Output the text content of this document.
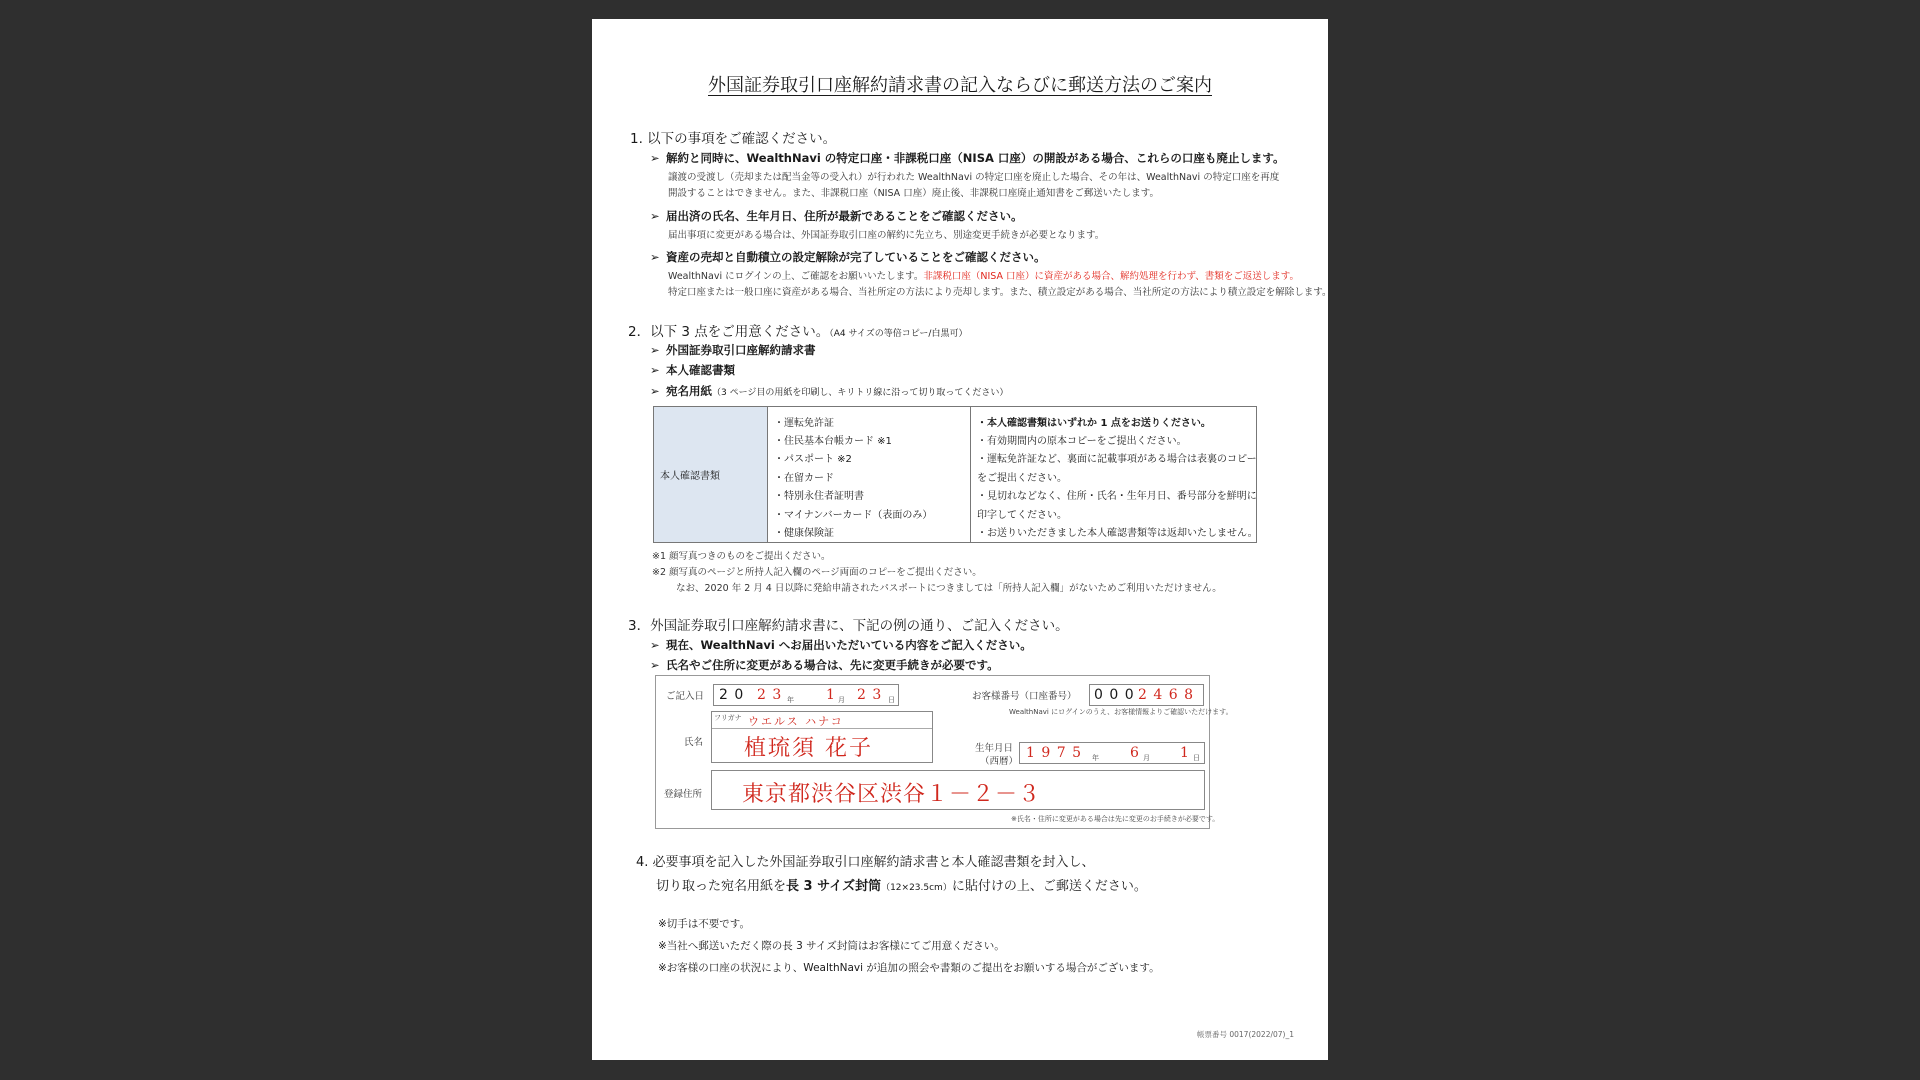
外国証券取引口座解約請求書の記入ならびに郵送方法のご案内
1. 以下の事項をご確認ください。
➢ 解約と同時に、WealthNavi の特定口座・非課税口座（NISA 口座）の開設がある場合、これらの口座も廃止します。
譲渡の受渡し（売却または配当金等の受入れ）が行われた WealthNavi の特定口座を廃止した場合、その年は、WealthNavi の特定口座を再度
開設することはできません。また、非課税口座（NISA 口座）廃止後、非課税口座廃止通知書をご郵送いたします。
➢ 届出済の氏名、生年月日、住所が最新であることをご確認ください。
届出事項に変更がある場合は、外国証券取引口座の解約に先立ち、別途変更手続きが必要となります。
➢ 資産の売却と自動積立の設定解除が完了していることをご確認ください。
WealthNavi にログインの上、ご確認をお願いいたします。非課税口座（NISA 口座）に資産がある場合、解約処理を行わず、書類をご返送します。
特定口座または一般口座に資産がある場合、当社所定の方法により売却します。また、積立設定がある場合、当社所定の方法により積立設定を解除します。
2．以下 3 点をご用意ください。（A4 サイズの等倍コピー/白黒可）
➢ 外国証券取引口座解約請求書
➢ 本人確認書類
➢ 宛名用紙（3 ページ目の用紙を印刷し、キリトリ線に沿って切り取ってください）
本人確認書類
・運転免許証
・住民基本台帳カード ※1
・パスポート ※2
・在留カード
・特別永住者証明書
・マイナンバーカード（表面のみ）
・健康保険証
・本人確認書類はいずれか 1 点をお送りください。
・有効期間内の原本コピーをご提出ください。
・運転免許証など、裏面に記載事項がある場合は表裏のコピー
をご提出ください。
・見切れなどなく、住所・氏名・生年月日、番号部分を鮮明に
印字してください。
・お送りいただきました本人確認書類等は返却いたしません。
※1 顔写真つきのものをご提出ください。
※2 顔写真のページと所持人記入欄のページ両面のコピーをご提出ください。
なお、2020 年 2 月 4 日以降に発給申請されたパスポートにつきましては「所持人記入欄」がないためご利用いただけません。
3．外国証券取引口座解約請求書に、下記の例の通り、ご記入ください。
➢ 現在、WealthNavi へお届出いただいている内容をご記入ください。
➢ 氏名やご住所に変更がある場合は、先に変更手続きが必要です。
ご記入日 2 0 2 3 年 1 月 2 3 日
フリガナ ウエルス ハナコ
植琉須 花子
氏名
お客様番号（口座番号） 0 0 0 2 4 6 8
WealthNavi にログインのうえ、お客様情報よりご確認いただけます。
生年月日
（西暦）
1 9 7 5 年 6 月 1 日
登録住所 東京都渋谷区渋谷１－２－３
※氏名・住所に変更がある場合は先に変更のお手続きが必要です。
4. 必要事項を記入した外国証券取引口座解約請求書と本人確認書類を封入し、
切り取った宛名用紙を長 3 サイズ封筒（12×23.5cm）に貼付けの上、ご郵送ください。
※切手は不要です。
※当社へ郵送いただく際の長 3 サイズ封筒はお客様にてご用意ください。
※お客様の口座の状況により、WealthNavi が追加の照会や書類のご提出をお願いする場合がございます。
帳票番号 0017(2022/07)_1
